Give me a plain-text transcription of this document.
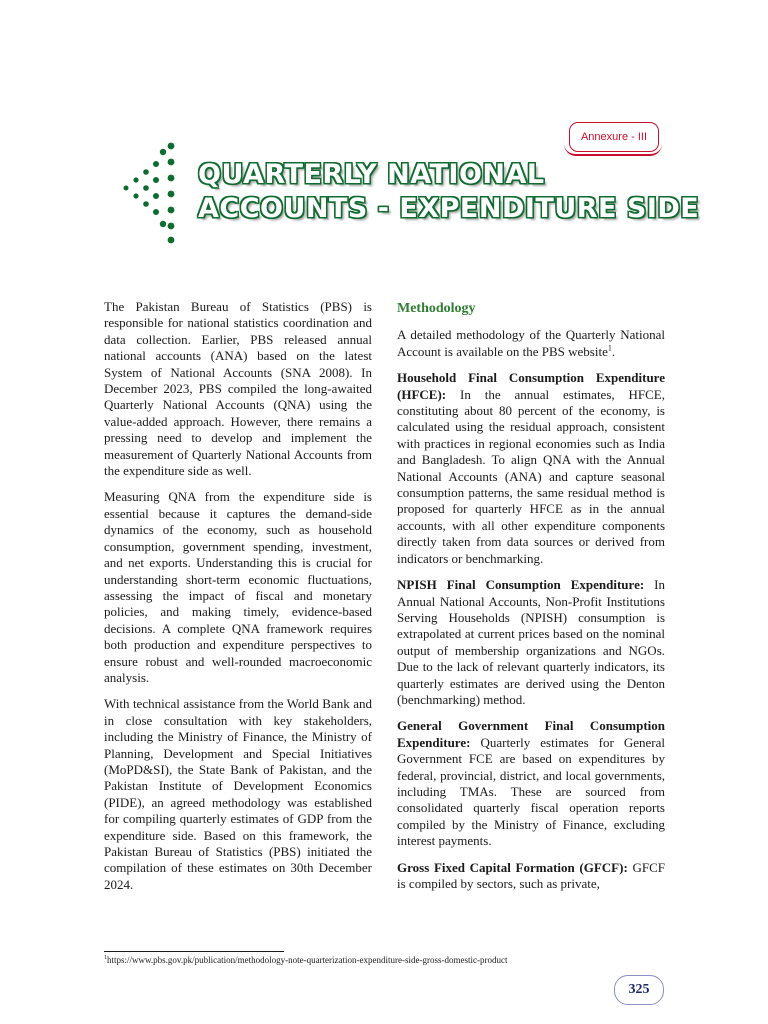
Annexure - III
QUARTERLY NATIONAL
ACCOUNTS - EXPENDITURE SIDE

The Pakistan Bureau of Statistics (PBS) is responsible for national statistics coordination and data collection. Earlier, PBS released annual national accounts (ANA) based on the latest System of National Accounts (SNA 2008). In December 2023, PBS compiled the long-awaited Quarterly National Accounts (QNA) using the value-added approach. However, there remains a pressing need to develop and implement the measurement of Quarterly National Accounts from the expenditure side as well.

Measuring QNA from the expenditure side is essential because it captures the demand-side dynamics of the economy, such as household consumption, government spending, investment, and net exports. Understanding this is crucial for understanding short-term economic fluctuations, assessing the impact of fiscal and monetary policies, and making timely, evidence-based decisions. A complete QNA framework requires both production and expenditure perspectives to ensure robust and well-rounded macroeconomic analysis.

With technical assistance from the World Bank and in close consultation with key stakeholders, including the Ministry of Finance, the Ministry of Planning, Development and Special Initiatives (MoPD&SI), the State Bank of Pakistan, and the Pakistan Institute of Development Economics (PIDE), an agreed methodology was established for compiling quarterly estimates of GDP from the expenditure side. Based on this framework, the Pakistan Bureau of Statistics (PBS) initiated the compilation of these estimates on 30th December 2024.

Methodology

A detailed methodology of the Quarterly National Account is available on the PBS website$^1$.

Household Final Consumption Expenditure (HFCE): In the annual estimates, HFCE, constituting about 80 percent of the economy, is calculated using the residual approach, consistent with practices in regional economies such as India and Bangladesh. To align QNA with the Annual National Accounts (ANA) and capture seasonal consumption patterns, the same residual method is proposed for quarterly HFCE as in the annual accounts, with all other expenditure components directly taken from data sources or derived from indicators or benchmarking.

NPISH Final Consumption Expenditure: In Annual National Accounts, Non-Profit Institutions Serving Households (NPISH) consumption is extrapolated at current prices based on the nominal output of membership organizations and NGOs. Due to the lack of relevant quarterly indicators, its quarterly estimates are derived using the Denton (benchmarking) method.

General Government Final Consumption Expenditure: Quarterly estimates for General Government FCE are based on expenditures by federal, provincial, district, and local governments, including TMAs. These are sourced from consolidated quarterly fiscal operation reports compiled by the Ministry of Finance, excluding interest payments.

Gross Fixed Capital Formation (GFCF): GFCF is compiled by sectors, such as private,

$^1$https://www.pbs.gov.pk/publication/methodology-note-quarterization-expenditure-side-gross-domestic-product
325
